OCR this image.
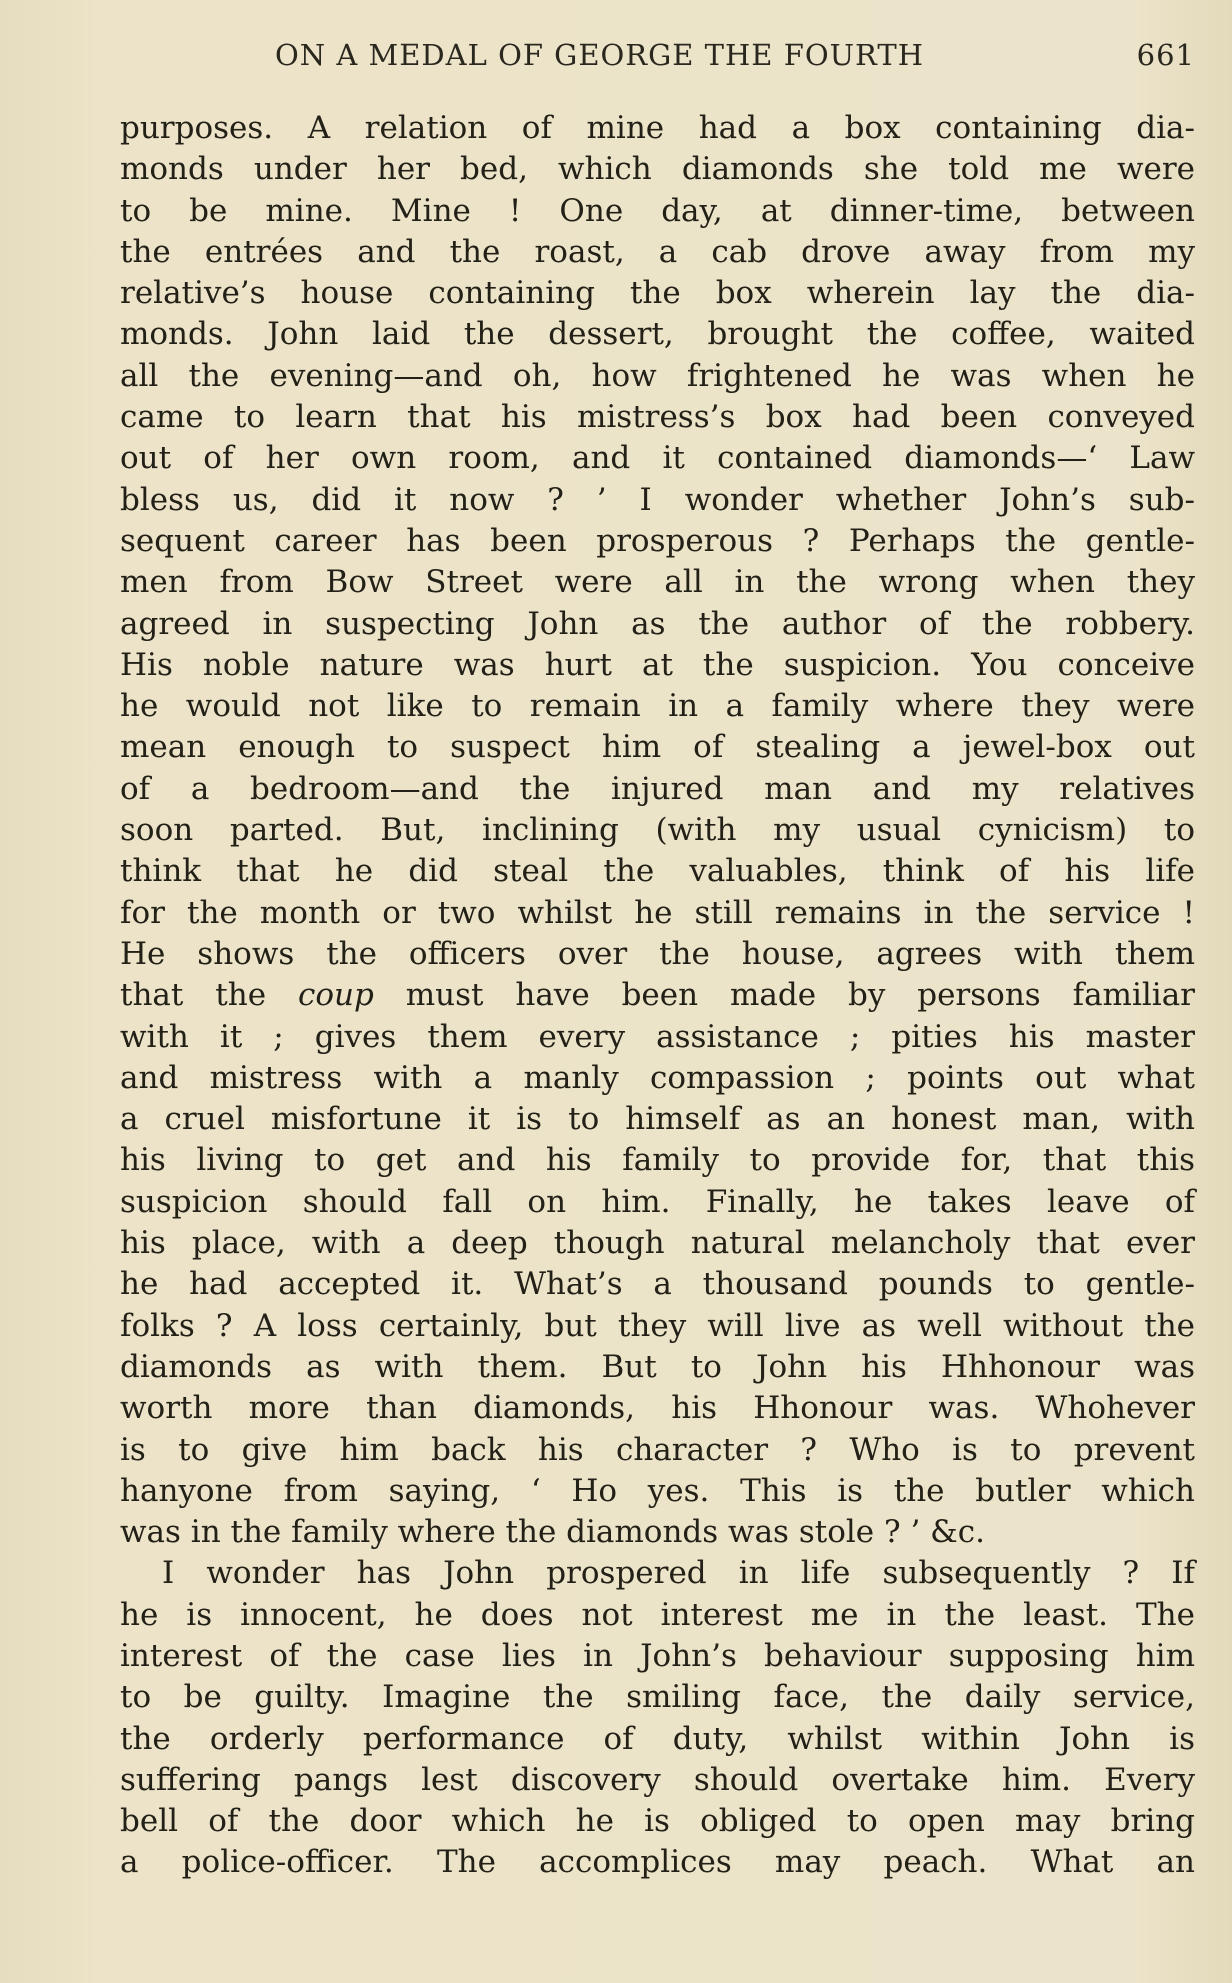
ON A MEDAL OF GEORGE THE FOURTH	661
purposes. A relation of mine had a box containing dia-
monds under her bed, which diamonds she told me were
to be mine. Mine ! One day, at dinner-time, between
the entrées and the roast, a cab drove away from my
relative’s house containing the box wherein lay the dia-
monds. John laid the dessert, brought the coffee, waited
all the evening—and oh, how frightened he was when he
came to learn that his mistress’s box had been conveyed
out of her own room, and it contained diamonds—‘ Law
bless us, did it now ? ’ I wonder whether John’s sub-
sequent career has been prosperous ? Perhaps the gentle-
men from Bow Street were all in the wrong when they
agreed in suspecting John as the author of the robbery.
His noble nature was hurt at the suspicion. You conceive
he would not like to remain in a family where they were
mean enough to suspect him of stealing a jewel-box out
of a bedroom—and the injured man and my relatives
soon parted. But, inclining (with my usual cynicism) to
think that he did steal the valuables, think of his life
for the month or two whilst he still remains in the service !
He shows the officers over the house, agrees with them
that the coup must have been made by persons familiar
with it ; gives them every assistance ; pities his master
and mistress with a manly compassion ; points out what
a cruel misfortune it is to himself as an honest man, with
his living to get and his family to provide for, that this
suspicion should fall on him. Finally, he takes leave of
his place, with a deep though natural melancholy that ever
he had accepted it. What’s a thousand pounds to gentle-
folks ? A loss certainly, but they will live as well without the
diamonds as with them. But to John his Hhhonour was
worth more than diamonds, his Hhonour was. Whohever
is to give him back his character ? Who is to prevent
hanyone from saying, ‘ Ho yes. This is the butler which
was in the family where the diamonds was stole ? ’ &c.
I wonder has John prospered in life subsequently ? If
he is innocent, he does not interest me in the least. The
interest of the case lies in John’s behaviour supposing him
to be guilty. Imagine the smiling face, the daily service,
the orderly performance of duty, whilst within John is
suffering pangs lest discovery should overtake him. Every
bell of the door which he is obliged to open may bring
a police-officer. The accomplices may peach. What an
